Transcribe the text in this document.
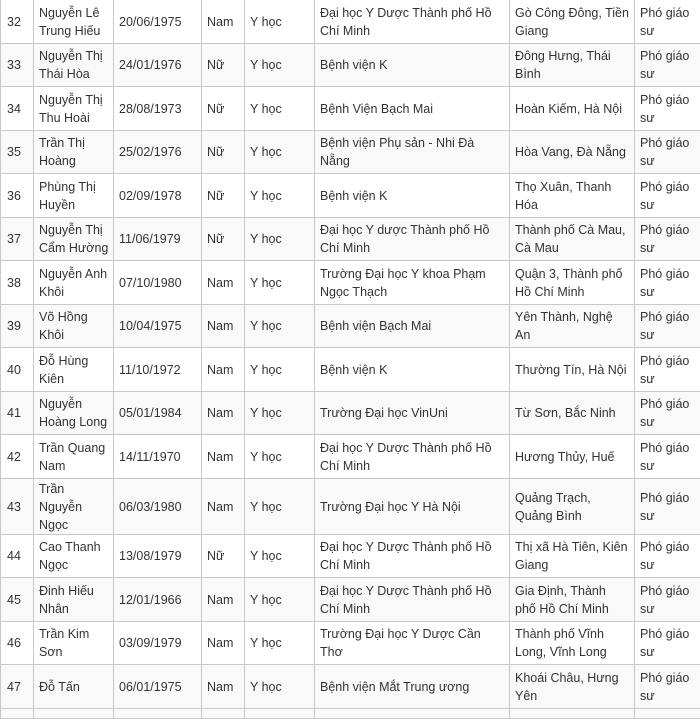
32	Nguyễn Lê Trung Hiếu	20/06/1975	Nam	Y học	Đại học Y Dược Thành phố Hồ Chí Minh	Gò Công Đông, Tiền Giang	Phó giáo sư
33	Nguyễn Thị Thái Hòa	24/01/1976	Nữ	Y học	Bệnh viện K	Đông Hưng, Thái Bình	Phó giáo sư
34	Nguyễn Thị Thu Hoài	28/08/1973	Nữ	Y học	Bệnh Viện Bạch Mai	Hoàn Kiếm, Hà Nội	Phó giáo sư
35	Trần Thị Hoàng	25/02/1976	Nữ	Y học	Bệnh viện Phụ sản - Nhi Đà Nẵng	Hòa Vang, Đà Nẵng	Phó giáo sư
36	Phùng Thị Huyền	02/09/1978	Nữ	Y học	Bệnh viện K	Thọ Xuân, Thanh Hóa	Phó giáo sư
37	Nguyễn Thị Cẩm Hường	11/06/1979	Nữ	Y học	Đại học Y dược Thành phố Hồ Chí Minh	Thành phố Cà Mau, Cà Mau	Phó giáo sư
38	Nguyễn Anh Khôi	07/10/1980	Nam	Y học	Trường Đại học Y khoa Phạm Ngọc Thạch	Quận 3, Thành phố Hồ Chí Minh	Phó giáo sư
39	Võ Hồng Khôi	10/04/1975	Nam	Y học	Bệnh viện Bạch Mai	Yên Thành, Nghệ An	Phó giáo sư
40	Đỗ Hùng Kiên	11/10/1972	Nam	Y học	Bệnh viện K	Thường Tín, Hà Nội	Phó giáo sư
41	Nguyễn Hoàng Long	05/01/1984	Nam	Y học	Trường Đại học VinUni	Từ Sơn, Bắc Ninh	Phó giáo sư
42	Trần Quang Nam	14/11/1970	Nam	Y học	Đại học Y Dược Thành phố Hồ Chí Minh	Hương Thủy, Huế	Phó giáo sư
43	Trần Nguyễn Ngọc	06/03/1980	Nam	Y học	Trường Đại học Y Hà Nội	Quảng Trạch, Quảng Bình	Phó giáo sư
44	Cao Thanh Ngọc	13/08/1979	Nữ	Y học	Đại học Y Dược Thành phố Hồ Chí Minh	Thị xã Hà Tiên, Kiên Giang	Phó giáo sư
45	Đinh Hiếu Nhân	12/01/1966	Nam	Y học	Đại học Y Dược Thành phố Hồ Chí Minh	Gia Định, Thành phố Hồ Chí Minh	Phó giáo sư
46	Trần Kim Sơn	03/09/1979	Nam	Y học	Trường Đại học Y Dược Cần Thơ	Thành phố Vĩnh Long, Vĩnh Long	Phó giáo sư
47	Đỗ Tấn	06/01/1975	Nam	Y học	Bệnh viện Mắt Trung ương	Khoái Châu, Hưng Yên	Phó giáo sư
